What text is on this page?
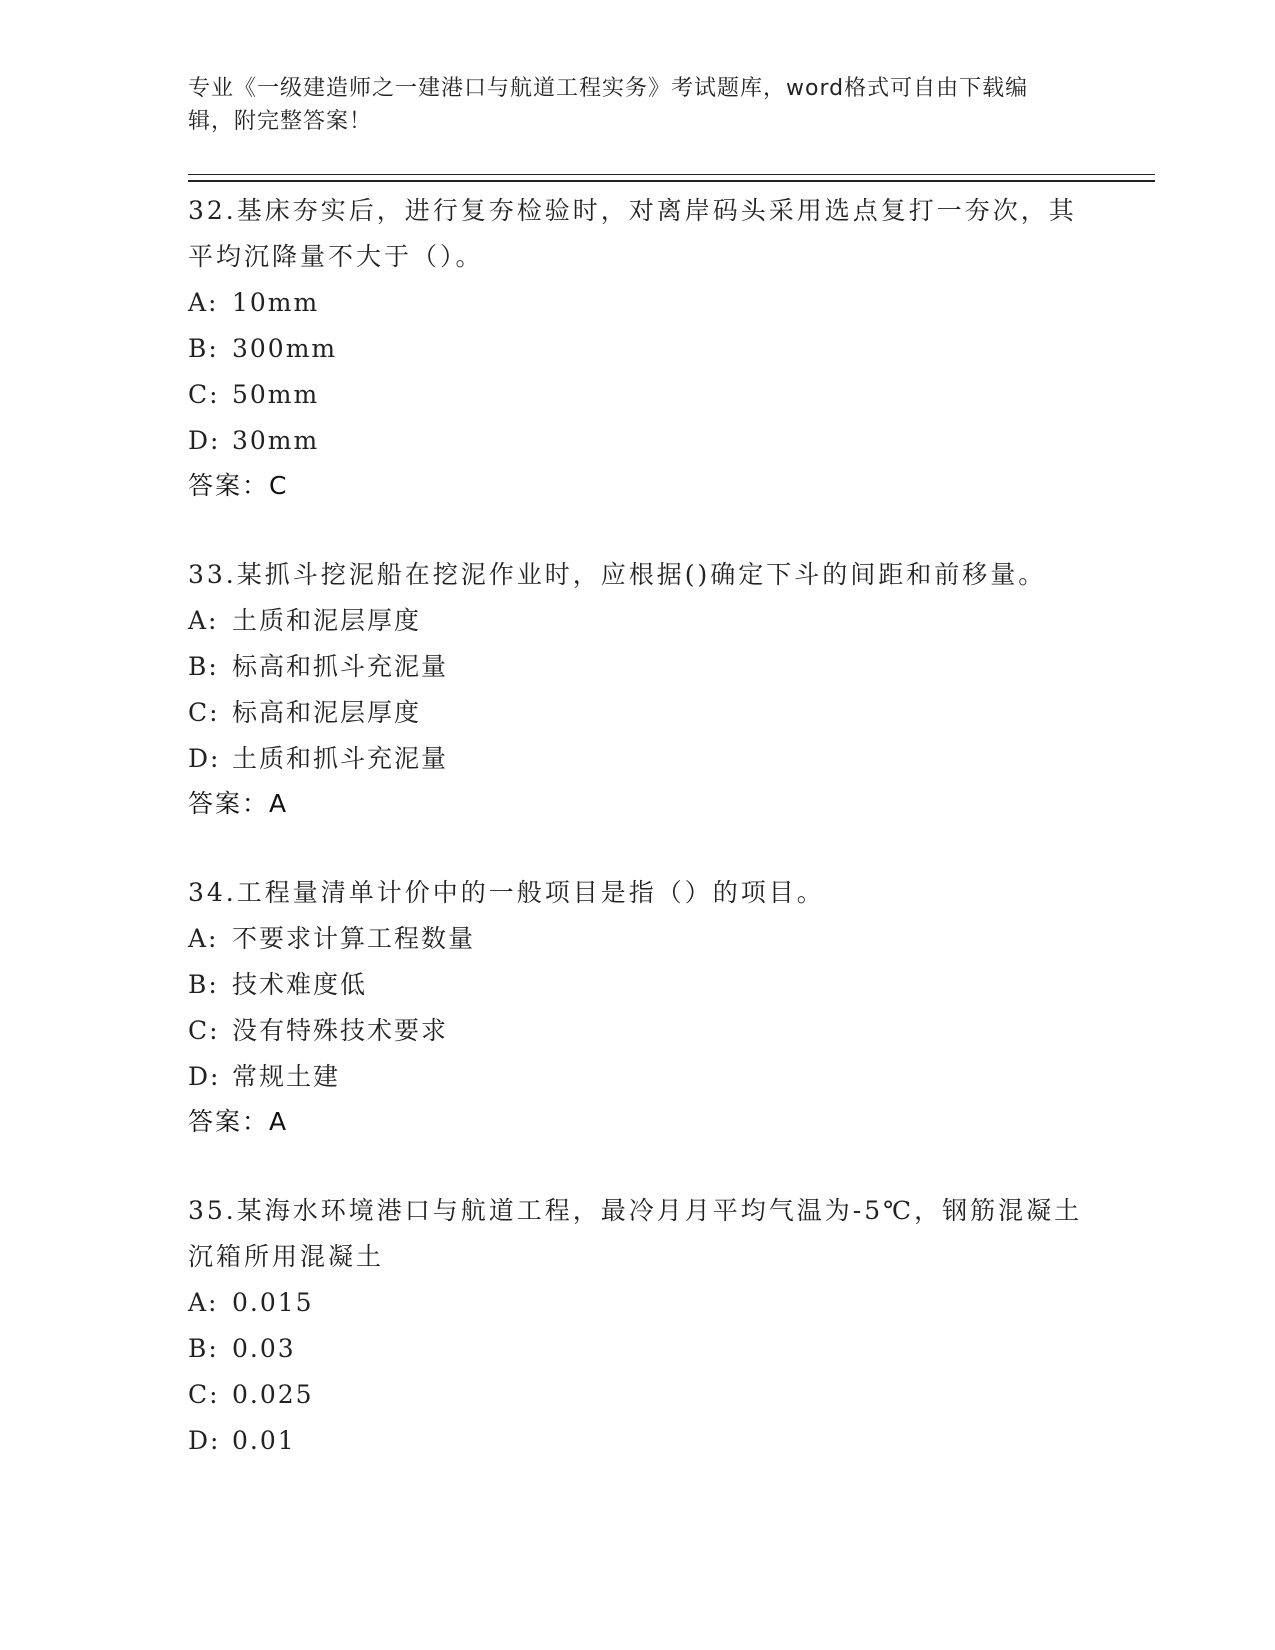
专业《一级建造师之一建港口与航道工程实务》考试题库，word格式可自由下载编辑，附完整答案！
32.基床夯实后，进行复夯检验时，对离岸码头采用选点复打一夯次，其平均沉降量不大于（）。
A: 10mm
B: 300mm
C: 50mm
D: 30mm
答案：C
33.某抓斗挖泥船在挖泥作业时，应根据()确定下斗的间距和前移量。
A: 土质和泥层厚度
B: 标高和抓斗充泥量
C: 标高和泥层厚度
D: 土质和抓斗充泥量
答案：A
34.工程量清单计价中的一般项目是指（）的项目。
A: 不要求计算工程数量
B: 技术难度低
C: 没有特殊技术要求
D: 常规土建
答案：A
35.某海水环境港口与航道工程，最冷月月平均气温为-5℃，钢筋混凝土沉箱所用混凝土
A: 0.015
B: 0.03
C: 0.025
D: 0.01
